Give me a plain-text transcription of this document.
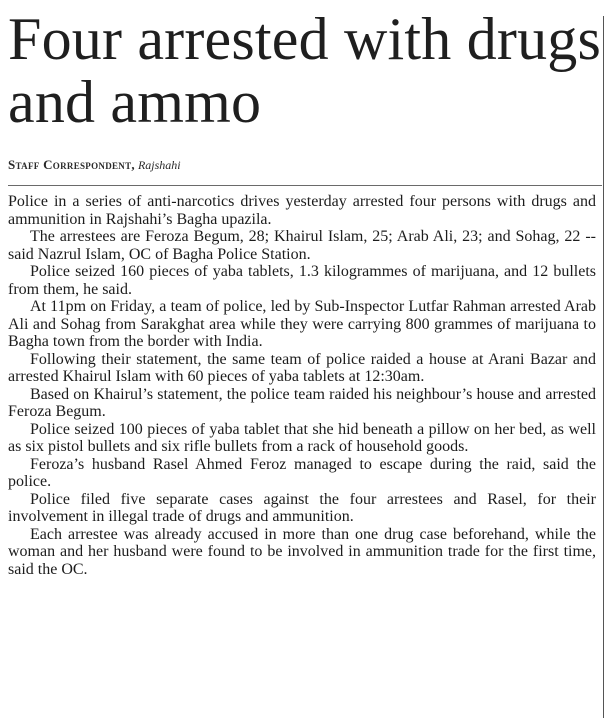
Four arrested with drugs and ammo
Staff Correspondent, Rajshahi

Police in a series of anti-narcotics drives yesterday arrested four persons with drugs and ammunition in Rajshahi’s Bagha upazila.

The arrestees are Feroza Begum, 28; Khairul Islam, 25; Arab Ali, 23; and Sohag, 22 -- said Nazrul Islam, OC of Bagha Police Station.

Police seized 160 pieces of yaba tablets, 1.3 kilogrammes of marijuana, and 12 bullets from them, he said.

At 11pm on Friday, a team of police, led by Sub-Inspector Lutfar Rahman arrested Arab Ali and Sohag from Sarakghat area while they were carrying 800 grammes of marijuana to Bagha town from the border with India.

Following their statement, the same team of police raided a house at Arani Bazar and arrested Khairul Islam with 60 pieces of yaba tablets at 12:30am.

Based on Khairul’s statement, the police team raided his neighbour’s house and arrested Feroza Begum.

Police seized 100 pieces of yaba tablet that she hid beneath a pillow on her bed, as well as six pistol bullets and six rifle bullets from a rack of household goods.

Feroza’s husband Rasel Ahmed Feroz managed to escape during the raid, said the police.

Police filed five separate cases against the four arrestees and Rasel, for their involvement in illegal trade of drugs and ammunition.

Each arrestee was already accused in more than one drug case beforehand, while the woman and her husband were found to be involved in ammunition trade for the first time, said the OC.
